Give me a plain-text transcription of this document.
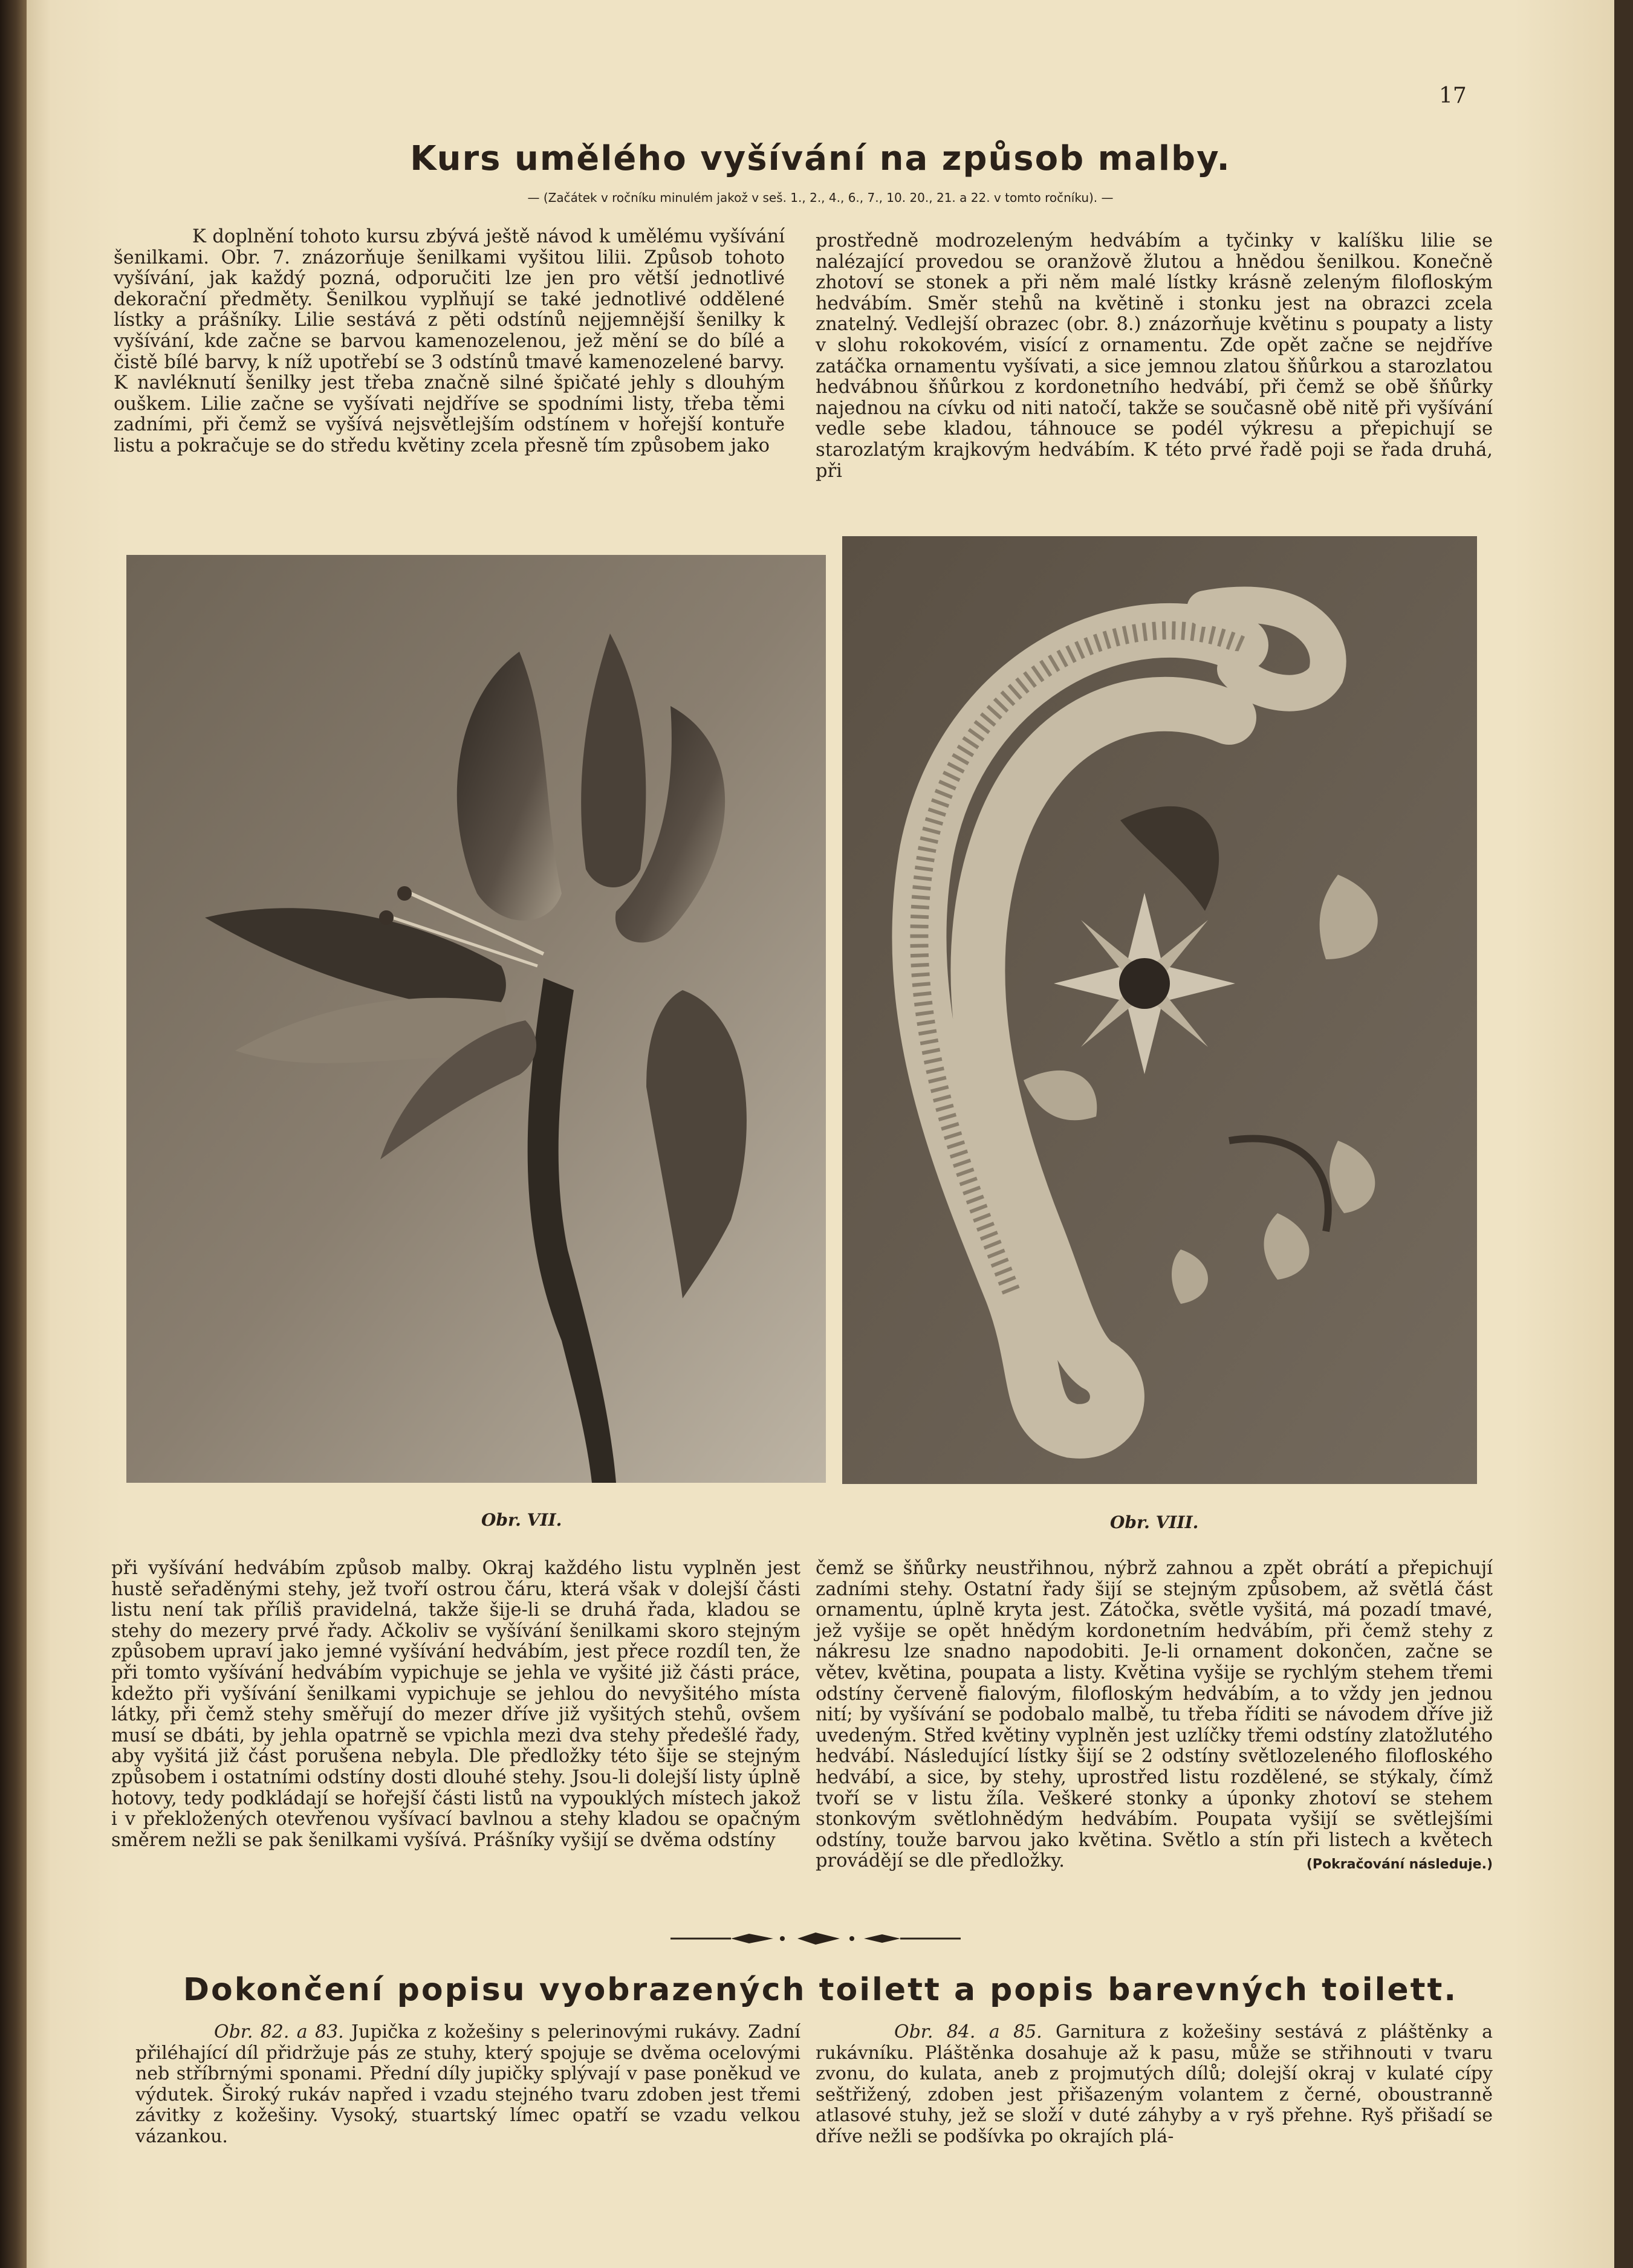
17
Kurs umělého vyšívání na způsob malby.
— (Začátek v ročníku minulém jakož v seš. 1., 2., 4., 6., 7., 10. 20., 21. a 22. v tomto ročníku). —

K doplnění tohoto kursu zbývá ještě návod k umělému vyšívání šenilkami. Obr. 7. znázorňuje šenilkami vyšitou lilii. Způsob tohoto vyšívání, jak každý pozná, odporučiti lze jen pro větší jednotlivé dekorační předměty. Šenilkou vyplňují se také jednotlivé oddělené lístky a prášníky. Lilie sestává z pěti odstínů nejjemnější šenilky k vyšívání, kde začne se barvou kamenozelenou, jež mění se do bílé a čistě bílé barvy, k níž upotřebí se 3 odstínů tmavé kamenozelené barvy. K navléknutí šenilky jest třeba značně silné špičaté jehly s dlouhým ouškem. Lilie začne se vyšívati nejdříve se spodními listy, třeba těmi zadními, při čemž se vyšívá nejsvětlejším odstínem v hořejší kontuře listu a pokračuje se do středu květiny zcela přesně tím způsobem jako

prostředně modrozeleným hedvábím a tyčinky v kalíšku lilie se nalézající provedou se oranžově žlutou a hnědou šenilkou. Konečně zhotoví se stonek a při něm malé lístky krásně zeleným filofloským hedvábím. Směr stehů na květině i stonku jest na obrazci zcela znatelný. Vedlejší obrazec (obr. 8.) znázorňuje květinu s poupaty a listy v slohu rokokovém, visící z ornamentu. Zde opět začne se nejdříve zatáčka ornamentu vyšívati, a sice jemnou zlatou šňůrkou a starozlatou hedvábnou šňůrkou z kordonetního hedvábí, při čemž se obě šňůrky najednou na cívku od niti natočí, takže se současně obě nitě při vyšívání vedle sebe kladou, táhnouce se podél výkresu a přepichují se starozlatým krajkovým hedvábím. K této prvé řadě poji se řada druhá, při

Obr. VII.	Obr. VIII.

při vyšívání hedvábím způsob malby. Okraj každého listu vyplněn jest hustě seřaděnými stehy, jež tvoří ostrou čáru, která však v dolejší části listu není tak příliš pravidelná, takže šije-li se druhá řada, kladou se stehy do mezery prvé řady. Ačkoliv se vyšívání šenilkami skoro stejným způsobem upraví jako jemné vyšívání hedvábím, jest přece rozdíl ten, že při tomto vyšívání hedvábím vypichuje se jehla ve vyšité již části práce, kdežto při vyšívání šenilkami vypichuje se jehlou do nevyšitého místa látky, při čemž stehy směřují do mezer dříve již vyšitých stehů, ovšem musí se dbáti, by jehla opatrně se vpichla mezi dva stehy předešlé řady, aby vyšitá již část porušena nebyla. Dle předložky této šije se stejným způsobem i ostatními odstíny dosti dlouhé stehy. Jsou-li dolejší listy úplně hotovy, tedy podkládají se hořejší části listů na vypouklých místech jakož i v překložených otevřenou vyšívací bavlnou a stehy kladou se opačným směrem nežli se pak šenilkami vyšívá. Prášníky vyšijí se dvěma odstíny

čemž se šňůrky neustřihnou, nýbrž zahnou a zpět obrátí a přepichují zadními stehy. Ostatní řady šijí se stejným způsobem, až světlá část ornamentu, úplně kryta jest. Zátočka, světle vyšitá, má pozadí tmavé, jež vyšije se opět hnědým kordonetním hedvábím, při čemž stehy z nákresu lze snadno napodobiti. Je-li ornament dokončen, začne se větev, květina, poupata a listy. Květina vyšije se rychlým stehem třemi odstíny červeně fialovým, filofloským hedvábím, a to vždy jen jednou nití; by vyšívání se podobalo malbě, tu třeba říditi se návodem dříve již uvedeným. Střed květiny vyplněn jest uzlíčky třemi odstíny zlatožlutého hedvábí. Následující lístky šijí se 2 odstíny světlozeleného filofloského hedvábí, a sice, by stehy, uprostřed listu rozdělené, se stýkaly, čímž tvoří se v listu žíla. Veškeré stonky a úponky zhotoví se stehem stonkovým světlohnědým hedvábím. Poupata vyšijí se světlejšími odstíny, touže barvou jako květina. Světlo a stín při listech a květech provádějí se dle předložky.	(Pokračování následuje.)

Dokončení popisu vyobrazených toilett a popis barevných toilett.

Obr. 82. a 83. Jupička z kožešiny s pelerinovými rukávy. Zadní přiléhající díl přidržuje pás ze stuhy, který spojuje se dvěma ocelovými neb stříbrnými sponami. Přední díly jupičky splývají v pase poněkud ve výdutek. Široký rukáv napřed i vzadu stejného tvaru zdoben jest třemi závitky z kožešiny. Vysoký, stuartský límec opatří se vzadu velkou vázankou.

Obr. 84. a 85. Garnitura z kožešiny sestává z pláštěnky a rukávníku. Pláštěnka dosahuje až k pasu, může se střihnouti v tvaru zvonu, do kulata, aneb z projmutých dílů; dolejší okraj v kulaté cípy seštřižený, zdoben jest přišazeným volantem z černé, oboustranně atlasové stuhy, jež se složí v duté záhyby a v ryš přehne. Ryš přišadí se dříve nežli se podšívka po okrajích plá-
